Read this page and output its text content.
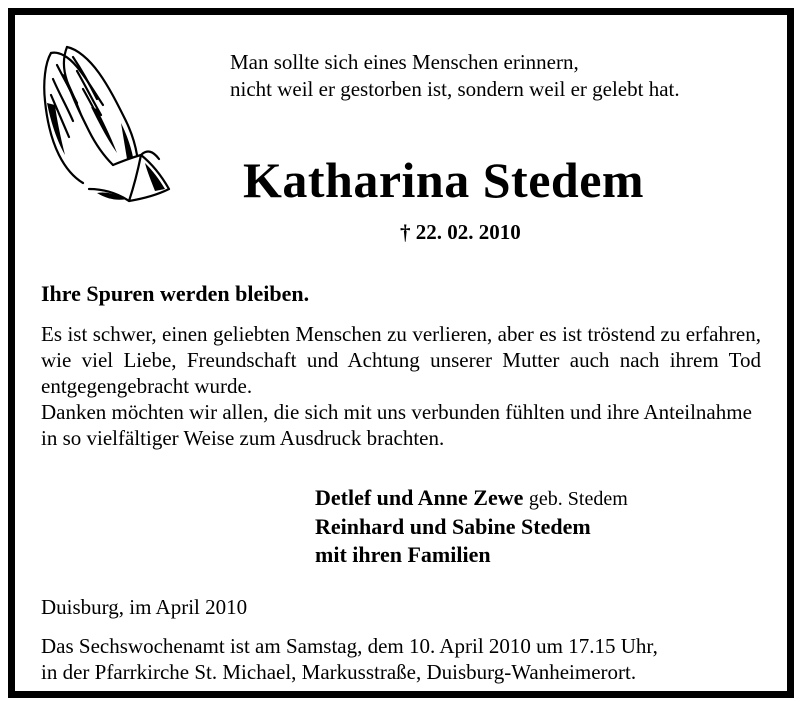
Man sollte sich eines Menschen erinnern,
nicht weil er gestorben ist, sondern weil er gelebt hat.
Katharina Stedem
† 22. 02. 2010
Ihre Spuren werden bleiben.
Es ist schwer, einen geliebten Menschen zu verlieren, aber es ist tröstend zu erfahren, wie viel Liebe, Freundschaft und Achtung unserer Mutter auch nach ihrem Tod entgegengebracht wurde.
Danken möchten wir allen, die sich mit uns verbunden fühlten und ihre Anteilnahme in so vielfältiger Weise zum Ausdruck brachten.
Detlef und Anne Zewe geb. Stedem
Reinhard und Sabine Stedem
mit ihren Familien
Duisburg, im April 2010
Das Sechswochenamt ist am Samstag, dem 10. April 2010 um 17.15 Uhr,
in der Pfarrkirche St. Michael, Markusstraße, Duisburg-Wanheimerort.
